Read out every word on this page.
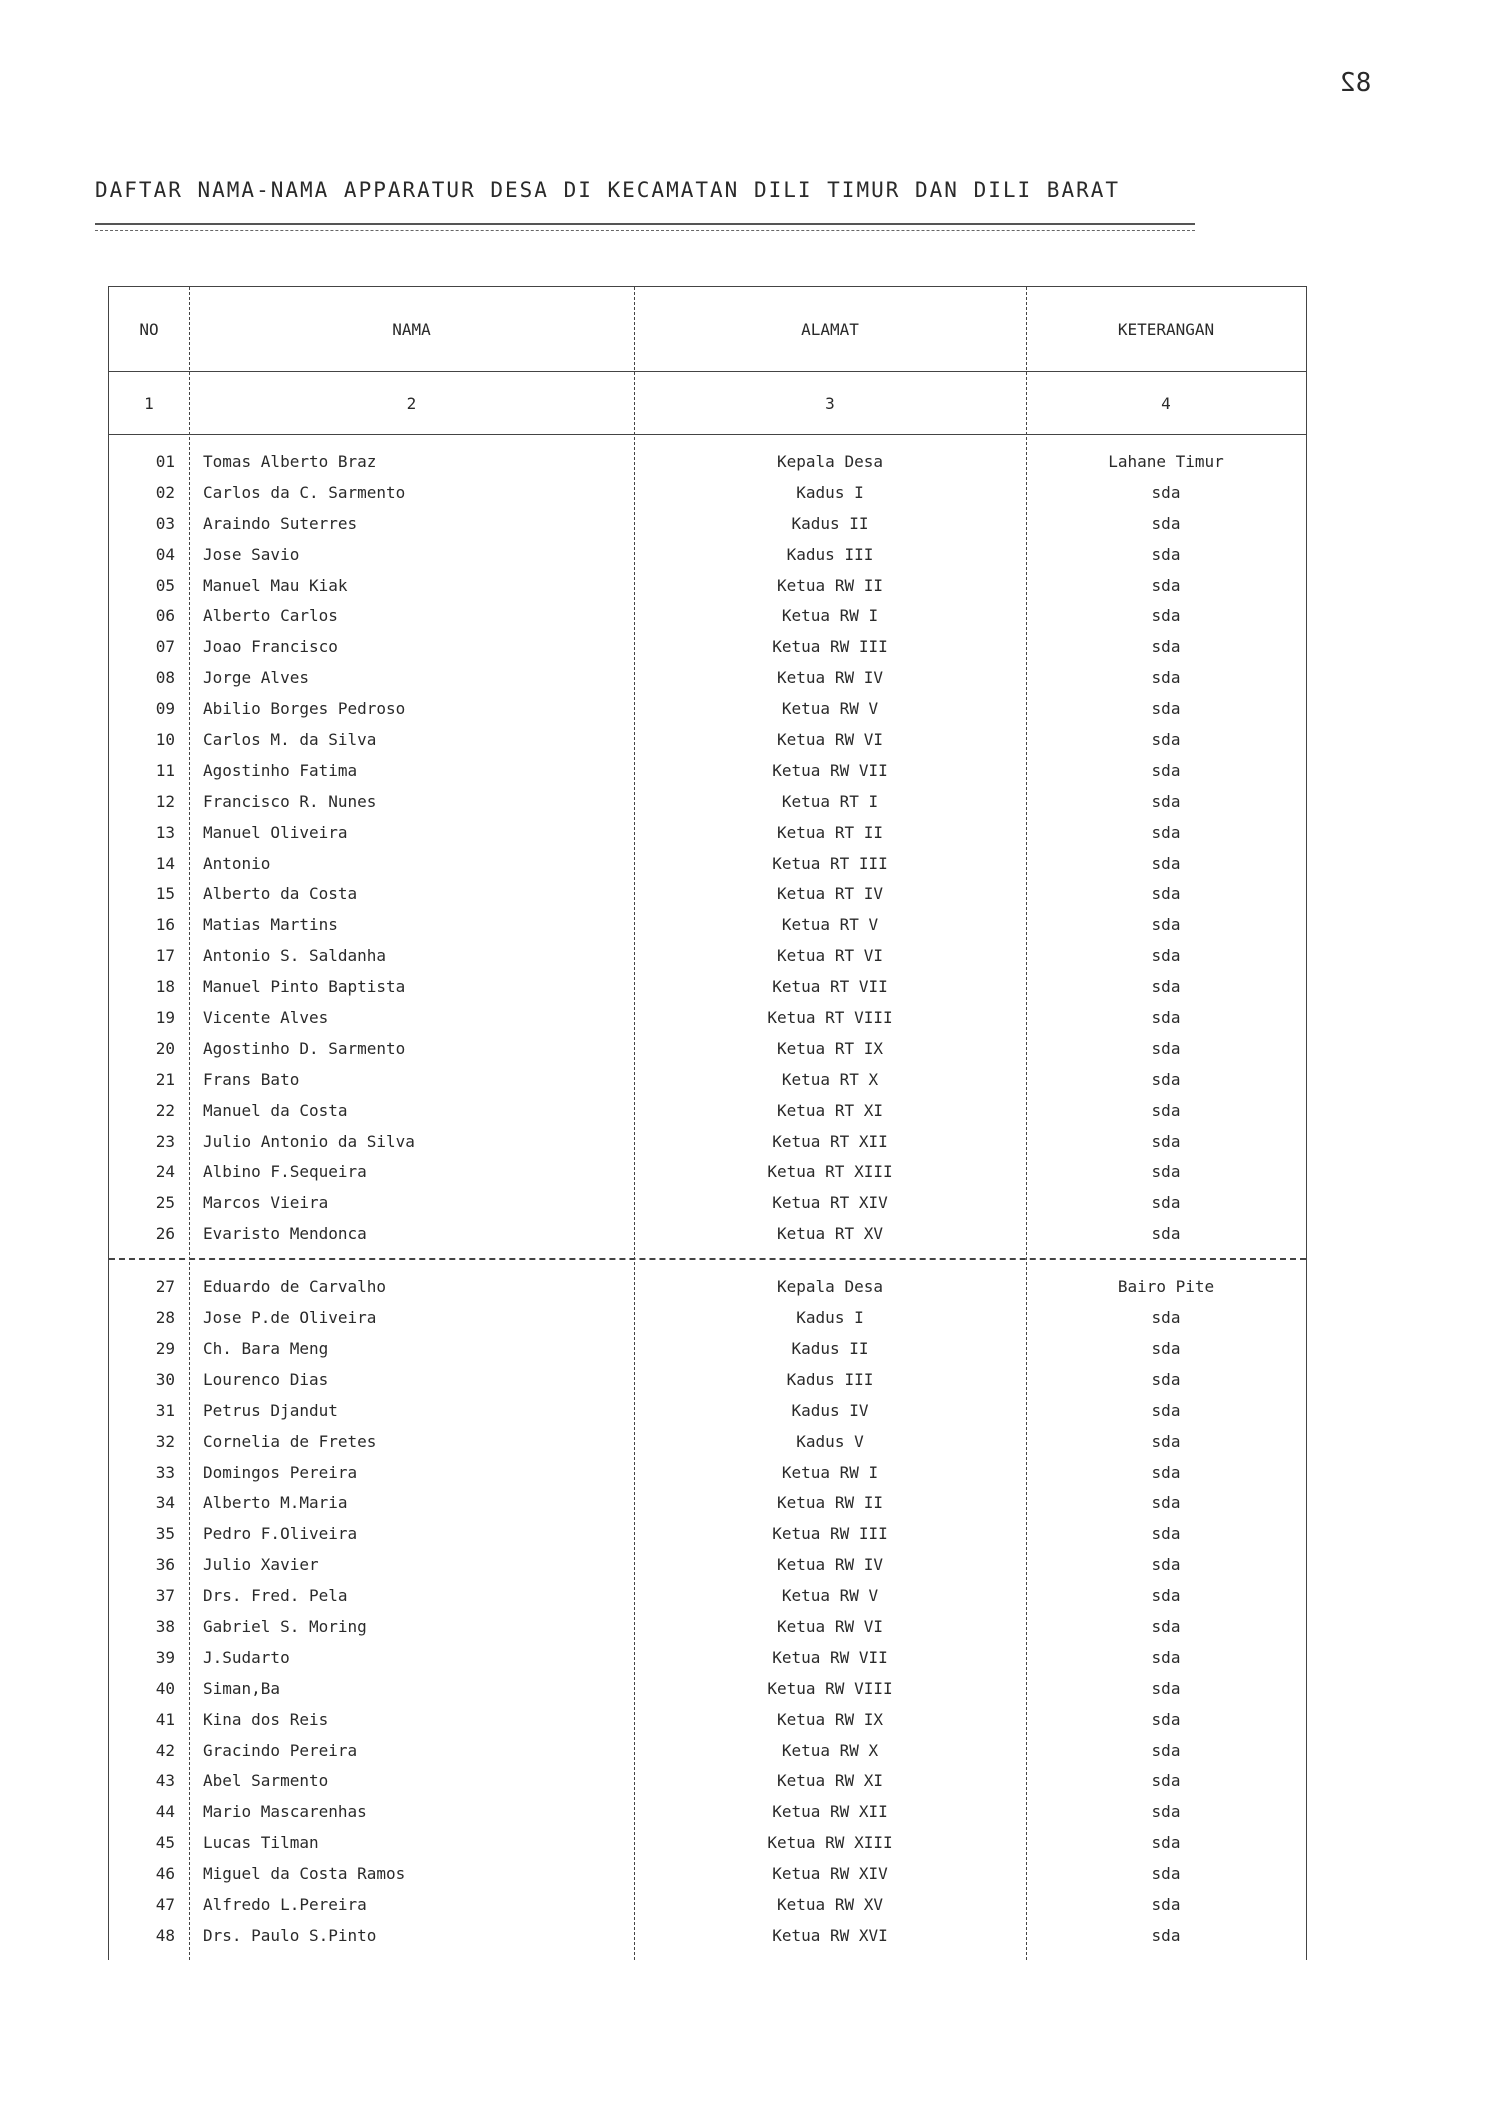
82
DAFTAR NAMA-NAMA APPARATUR DESA DI KECAMATAN DILI TIMUR DAN DILI BARAT
NO	NAMA	ALAMAT	KETERANGAN
1	2	3	4
01	Tomas Alberto Braz	Kepala Desa	Lahane Timur
02	Carlos da C. Sarmento	Kadus I	sda
03	Araindo Suterres	Kadus II	sda
04	Jose Savio	Kadus III	sda
05	Manuel Mau Kiak	Ketua RW II	sda
06	Alberto Carlos	Ketua RW I	sda
07	Joao Francisco	Ketua RW III	sda
08	Jorge Alves	Ketua RW IV	sda
09	Abilio Borges Pedroso	Ketua RW V	sda
10	Carlos M. da Silva	Ketua RW VI	sda
11	Agostinho Fatima	Ketua RW VII	sda
12	Francisco R. Nunes	Ketua RT I	sda
13	Manuel Oliveira	Ketua RT II	sda
14	Antonio	Ketua RT III	sda
15	Alberto da Costa	Ketua RT IV	sda
16	Matias Martins	Ketua RT V	sda
17	Antonio S. Saldanha	Ketua RT VI	sda
18	Manuel Pinto Baptista	Ketua RT VII	sda
19	Vicente Alves	Ketua RT VIII	sda
20	Agostinho D. Sarmento	Ketua RT IX	sda
21	Frans Bato	Ketua RT X	sda
22	Manuel da Costa	Ketua RT XI	sda
23	Julio Antonio da Silva	Ketua RT XII	sda
24	Albino F.Sequeira	Ketua RT XIII	sda
25	Marcos Vieira	Ketua RT XIV	sda
26	Evaristo Mendonca	Ketua RT XV	sda
27	Eduardo de Carvalho	Kepala Desa	Bairo Pite
28	Jose P.de Oliveira	Kadus I	sda
29	Ch. Bara Meng	Kadus II	sda
30	Lourenco Dias	Kadus III	sda
31	Petrus Djandut	Kadus IV	sda
32	Cornelia de Fretes	Kadus V	sda
33	Domingos Pereira	Ketua RW I	sda
34	Alberto M.Maria	Ketua RW II	sda
35	Pedro F.Oliveira	Ketua RW III	sda
36	Julio Xavier	Ketua RW IV	sda
37	Drs. Fred. Pela	Ketua RW V	sda
38	Gabriel S. Moring	Ketua RW VI	sda
39	J.Sudarto	Ketua RW VII	sda
40	Siman,Ba	Ketua RW VIII	sda
41	Kina dos Reis	Ketua RW IX	sda
42	Gracindo Pereira	Ketua RW X	sda
43	Abel Sarmento	Ketua RW XI	sda
44	Mario Mascarenhas	Ketua RW XII	sda
45	Lucas Tilman	Ketua RW XIII	sda
46	Miguel da Costa Ramos	Ketua RW XIV	sda
47	Alfredo L.Pereira	Ketua RW XV	sda
48	Drs. Paulo S.Pinto	Ketua RW XVI	sda
